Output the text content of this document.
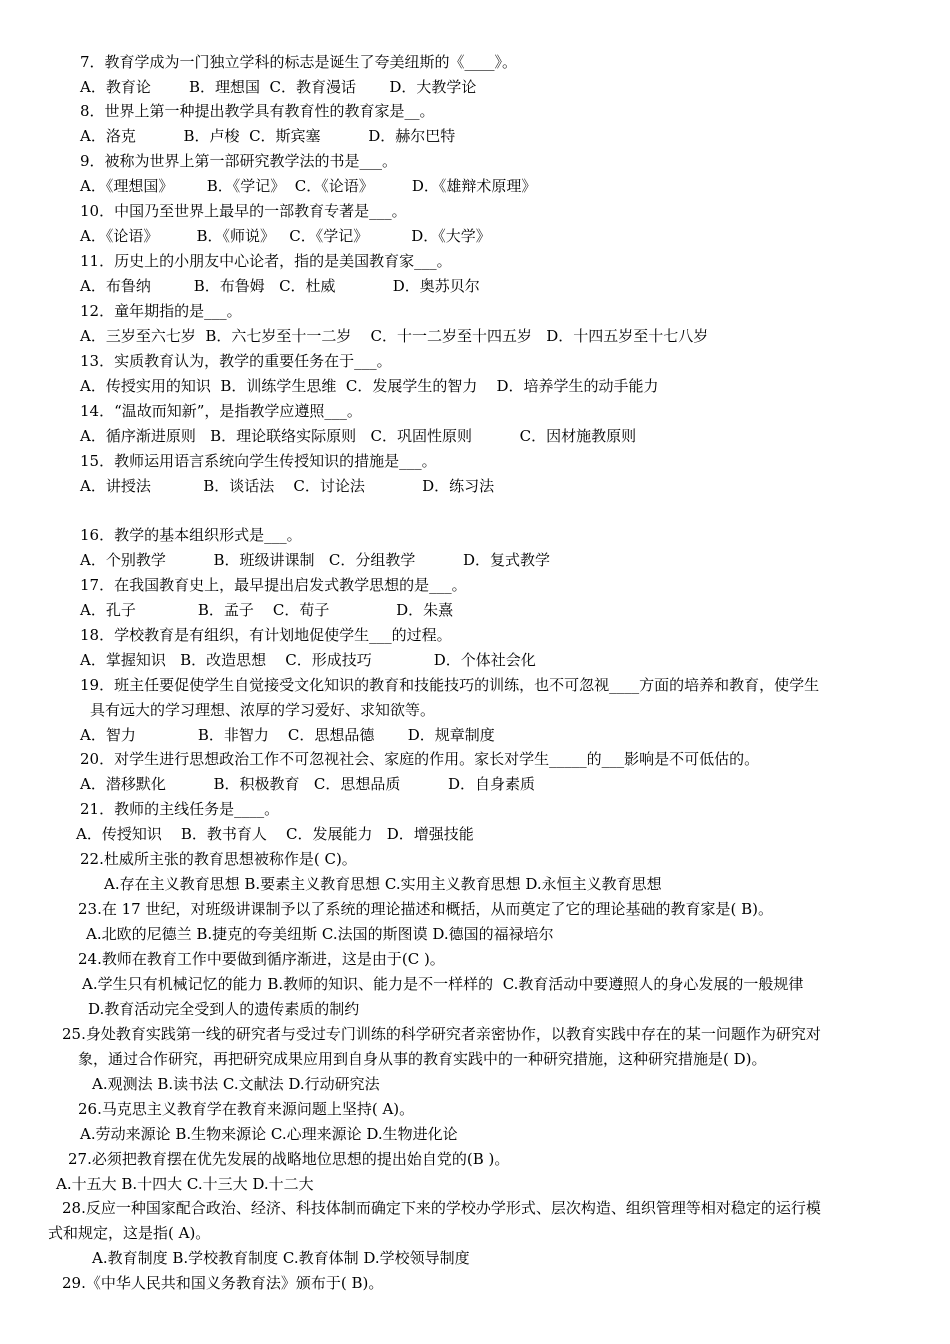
7．教育学成为一门独立学科的标志是诞生了夸美纽斯的《____》。
A．教育论        B．理想国  C．教育漫话       D．大教学论
8．世界上第一种提出教学具有教育性的教育家是__。
A．洛克          B．卢梭  C．斯宾塞          D．赫尔巴特
9．被称为世界上第一部研究教学法的书是___。
A．《理想国》       B．《学记》  C．《论语》        D．《雄辩术原理》
10．中国乃至世界上最早的一部教育专著是___。
A．《论语》        B．《师说》   C．《学记》         D．《大学》
11．历史上的小朋友中心论者，指的是美国教育家___。
A．布鲁纳         B．布鲁姆   C．杜威            D．奥苏贝尔
12．童年期指的是___。
A．三岁至六七岁  B．六七岁至十一二岁    C．十一二岁至十四五岁   D．十四五岁至十七八岁
13．实质教育认为，教学的重要任务在于___。
A．传授实用的知识  B．训练学生思维  C．发展学生的智力    D．培养学生的动手能力
14．“温故而知新”，是指教学应遵照___。
A．循序渐进原则   B．理论联络实际原则   C．巩固性原则          C．因材施教原则
15．教师运用语言系统向学生传授知识的措施是___。
A．讲授法           B．谈话法    C．讨论法            D．练习法
16．教学的基本组织形式是___。
A．个别教学          B．班级讲课制   C．分组教学          D．复式教学
17．在我国教育史上，最早提出启发式教学思想的是___。
A．孔子             B．孟子    C．荀子              D．朱熹
18．学校教育是有组织，有计划地促使学生___的过程。
A．掌握知识   B．改造思想    C．形成技巧             D．个体社会化
19．班主任要促使学生自觉接受文化知识的教育和技能技巧的训练，也不可忽视____方面的培养和教育，使学生
具有远大的学习理想、浓厚的学习爱好、求知欲等。
A．智力             B．非智力    C．思想品德       D．规章制度
20．对学生进行思想政治工作不可忽视社会、家庭的作用。家长对学生_____的___影响是不可低估的。
A．潜移默化          B．积极教育   C．思想品质          D．自身素质
21．教师的主线任务是____。
A．传授知识    B．教书育人    C．发展能力   D．增强技能
22.杜威所主张的教育思想被称作是( C)。
A.存在主义教育思想 B.要素主义教育思想 C.实用主义教育思想 D.永恒主义教育思想
23.在 17 世纪，对班级讲课制予以了系统的理论描述和概括，从而奠定了它的理论基础的教育家是( B)。
A.北欧的尼德兰 B.捷克的夸美纽斯 C.法国的斯图谟 D.德国的福禄培尔
24.教师在教育工作中要做到循序渐进，这是由于(C )。
A.学生只有机械记忆的能力 B.教师的知识、能力是不一样样的  C.教育活动中要遵照人的身心发展的一般规律
D.教育活动完全受到人的遗传素质的制约
25.身处教育实践第一线的研究者与受过专门训练的科学研究者亲密协作，以教育实践中存在的某一问题作为研究对
象，通过合作研究，再把研究成果应用到自身从事的教育实践中的一种研究措施，这种研究措施是( D)。
A.观测法 B.读书法 C.文献法 D.行动研究法
26.马克思主义教育学在教育来源问题上坚持( A)。
A.劳动来源论 B.生物来源论 C.心理来源论 D.生物进化论
27.必须把教育摆在优先发展的战略地位思想的提出始自党的(B )。
A.十五大 B.十四大 C.十三大 D.十二大
28.反应一种国家配合政治、经济、科技体制而确定下来的学校办学形式、层次构造、组织管理等相对稳定的运行模
式和规定，这是指( A)。
A.教育制度 B.学校教育制度 C.教育体制 D.学校领导制度
29.《中华人民共和国义务教育法》颁布于( B)。
